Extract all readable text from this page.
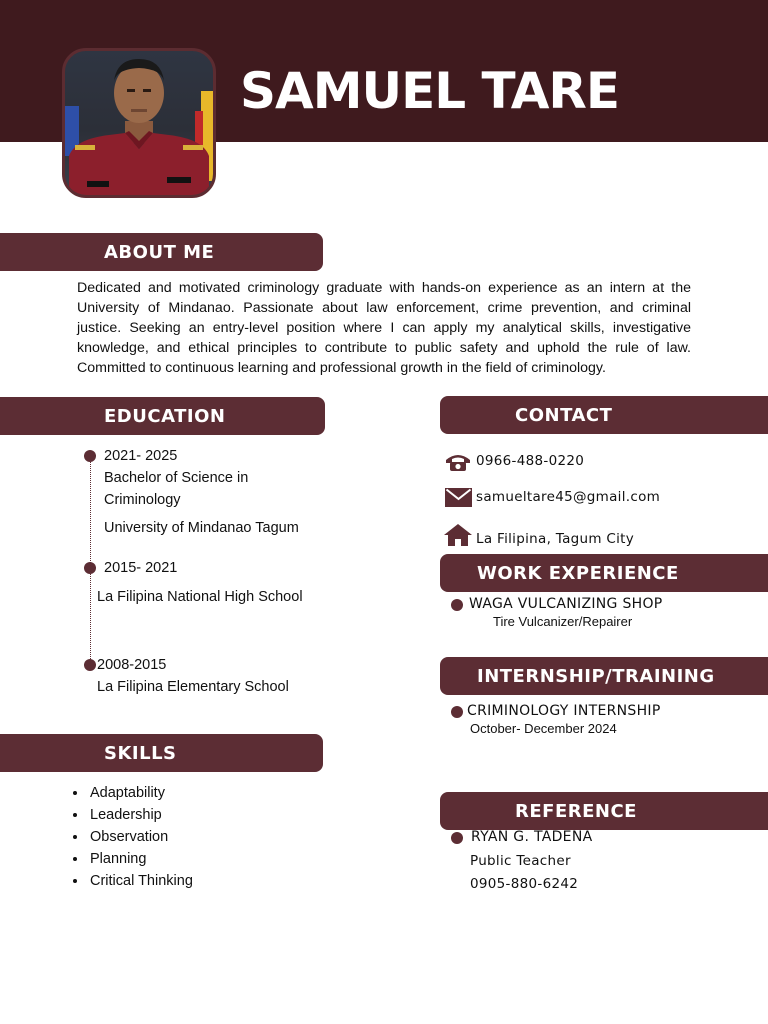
SAMUEL TARE
ABOUT ME

Dedicated and motivated criminology graduate with hands-on experience as an intern at the University of Mindanao. Passionate about law enforcement, crime prevention, and criminal justice. Seeking an entry-level position where I can apply my analytical skills, investigative knowledge, and ethical principles to contribute to public safety and uphold the rule of law. Committed to continuous learning and professional growth in the field of criminology.

EDUCATION

2021- 2025

Bachelor of Science in

Criminology

University of Mindanao Tagum

2015- 2021

La Filipina National High School

2008-2015

La Filipina Elementary School

SKILLS
• Adaptability
• Leadership
• Observation
• Planning
• Critical Thinking
CONTACT

0966-488-0220

samueltare45@gmail.com

La Filipina, Tagum City

WORK EXPERIENCE

WAGA VULCANIZING SHOP

Tire Vulcanizer/Repairer

INTERNSHIP/TRAINING

CRIMINOLOGY INTERNSHIP

October- December 2024

REFERENCE

RYAN G. TADENA

Public Teacher

0905-880-6242
